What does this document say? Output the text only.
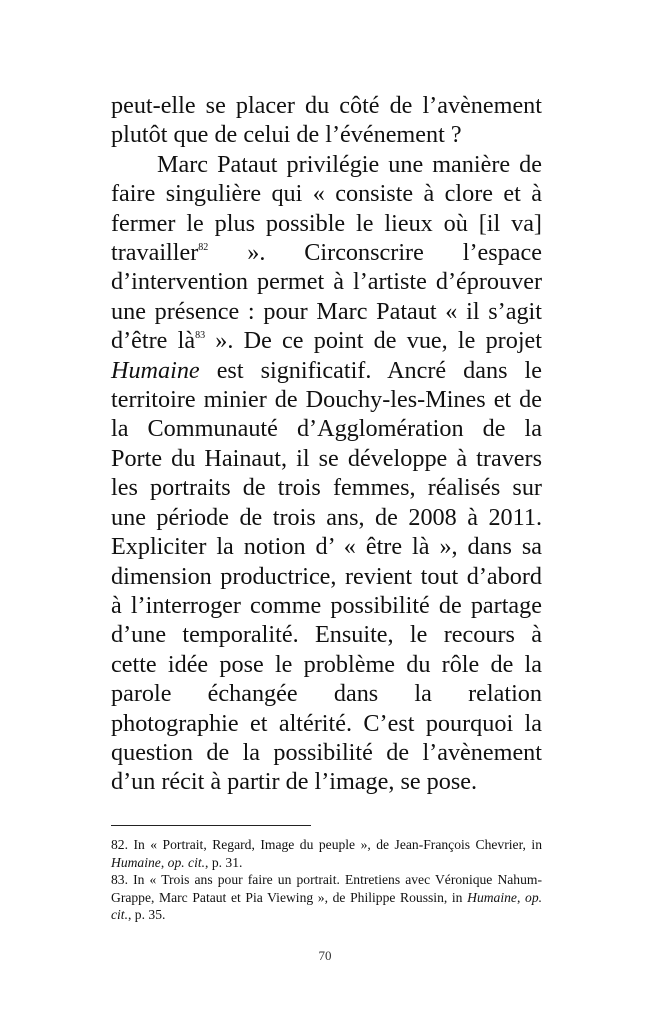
peut-elle se placer du côté de l’avènement plutôt que de celui de l’événement ?

Marc Pataut privilégie une manière de faire singulière qui « consiste à clore et à fermer le plus possible le lieux où [il va] travailler$^{82}$ ». Circonscrire l’espace d’intervention permet à l’artiste d’éprouver une présence : pour Marc Pataut « il s’agit d’être $là^{83}$ ». De ce point de vue, le projet Humaine est significatif. Ancré dans le territoire minier de Douchy-les-Mines et de la Communauté d’Agglomération de la Porte du Hainaut, il se développe à travers les portraits de trois femmes, réalisés sur une période de trois ans, de 2008 à 2011. Expliciter la notion d’ « être là », dans sa dimension productrice, revient tout d’abord à l’interroger comme possibilité de partage d’une temporalité. Ensuite, le recours à cette idée pose le problème du rôle de la parole échangée dans la relation photographie et altérité. C’est pourquoi la question de la possibilité de l’avènement d’un récit à partir de l’image, se pose.

82. In « Portrait, Regard, Image du peuple », de Jean-François Chevrier, in Humaine, op. cit., p. 31.

83. In « Trois ans pour faire un portrait. Entretiens avec Véronique Nahum-Grappe, Marc Pataut et Pia Viewing », de Philippe Roussin, in Humaine, op. cit., p. 35.

70
